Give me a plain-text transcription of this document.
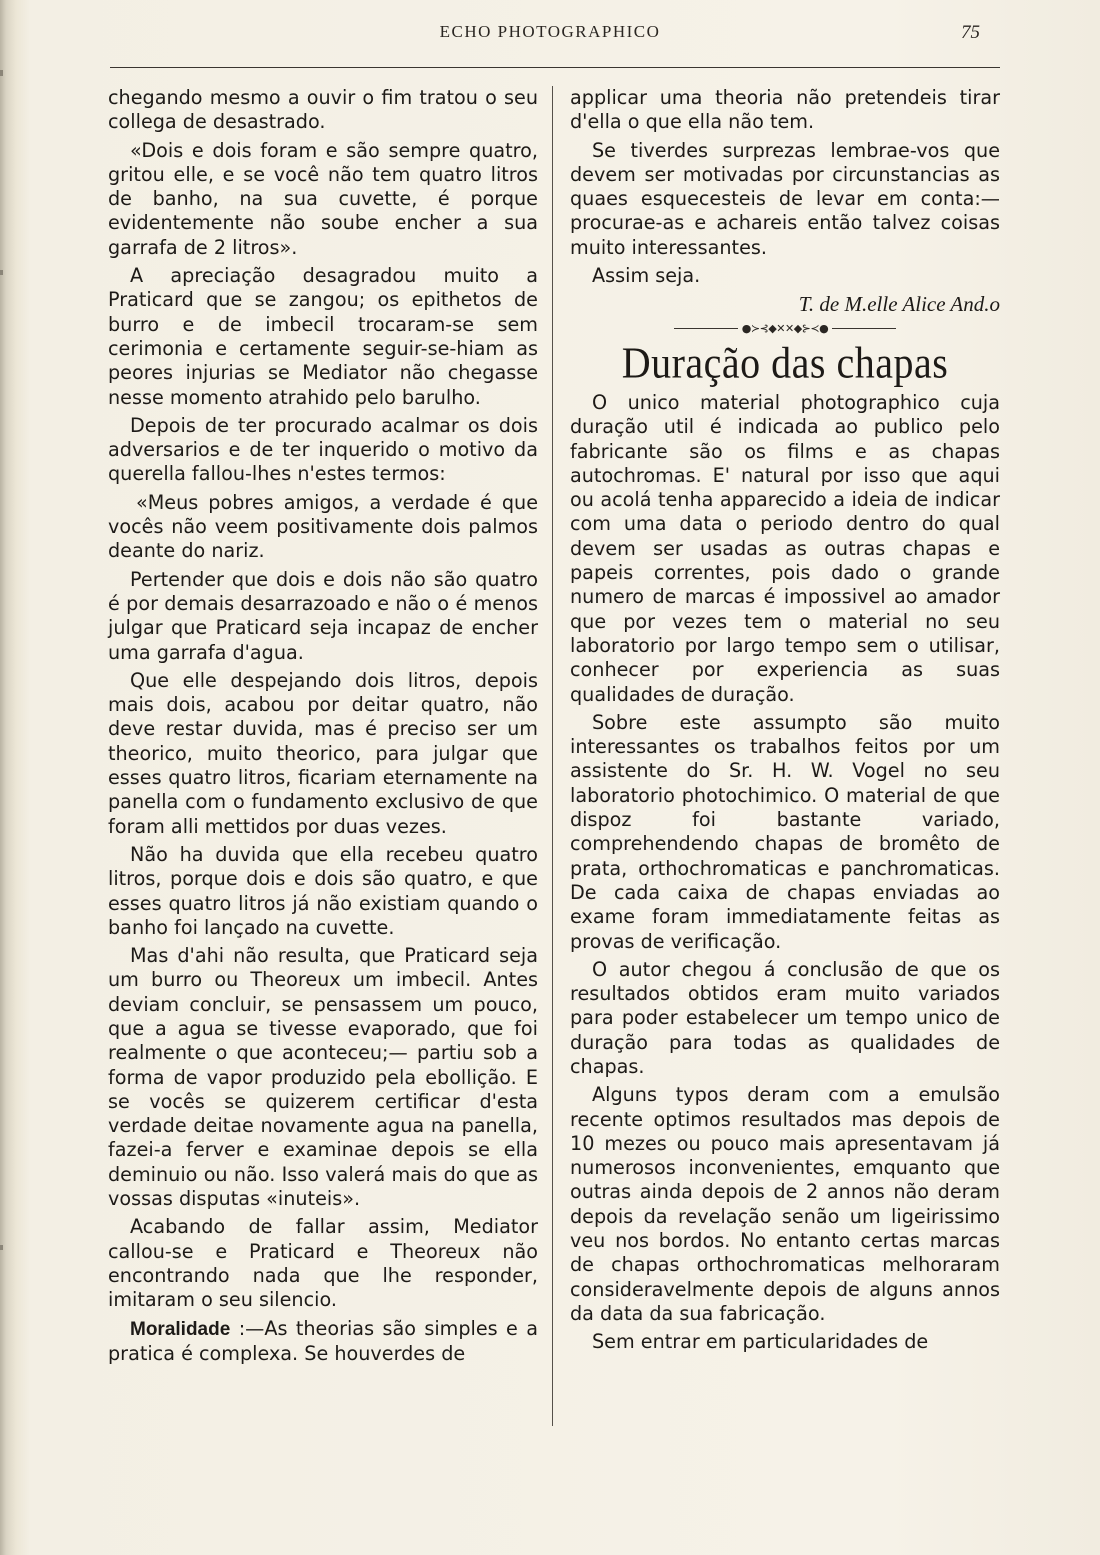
ECHO PHOTOGRAPHICO	75

chegando mesmo a ouvir o fim tratou o seu collega de desastrado.

«Dois e dois foram e são sempre quatro, gritou elle, e se você não tem quatro litros de banho, na sua cuvette, é porque evidentemente não soube encher a sua garrafa de 2 litros».

A apreciação desagradou muito a Praticard que se zangou; os epithetos de burro e de imbecil trocaram-se sem cerimonia e certamente seguir-se-hiam as peores injurias se Mediator não chegasse nesse momento atrahido pelo barulho.

Depois de ter procurado acalmar os dois adversarios e de ter inquerido o motivo da querella fallou-lhes n'estes termos:

«Meus pobres amigos, a verdade é que vocês não veem positivamente dois palmos deante do nariz.

Pertender que dois e dois não são quatro é por demais desarrazoado e não o é menos julgar que Praticard seja incapaz de encher uma garrafa d'agua.

Que elle despejando dois litros, depois mais dois, acabou por deitar quatro, não deve restar duvida, mas é preciso ser um theorico, muito theorico, para julgar que esses quatro litros, ficariam eternamente na panella com o fundamento exclusivo de que foram alli mettidos por duas vezes.

Não ha duvida que ella recebeu quatro litros, porque dois e dois são quatro, e que esses quatro litros já não existiam quando o banho foi lançado na cuvette.

Mas d'ahi não resulta, que Praticard seja um burro ou Theoreux um imbecil. Antes deviam concluir, se pensassem um pouco, que a agua se tivesse evaporado, que foi realmente o que aconteceu;— partiu sob a forma de vapor produzido pela ebollição. E se vocês se quizerem certificar d'esta verdade deitae novamente agua na panella, fazei-a ferver e examinae depois se ella deminuio ou não. Isso valerá mais do que as vossas disputas «inuteis».

Acabando de fallar assim, Mediator callou-se e Praticard e Theoreux não encontrando nada que lhe responder, imitaram o seu silencio.

Moralidade :—As theorias são simples e a pratica é complexa. Se houverdes de

applicar uma theoria não pretendeis tirar d'ella o que ella não tem.

Se tiverdes surprezas lembrae-vos que devem ser motivadas por circunstancias as quaes esquecesteis de levar em conta:—procurae-as e achareis então talvez coisas muito interessantes.

Assim seja.

T. de M.elle Alice And.o

●≻⊰◆✕✕◆⊱≺●
Duração das chapas

O unico material photographico cuja duração util é indicada ao publico pelo fabricante são os films e as chapas autochromas. E' natural por isso que aqui ou acolá tenha apparecido a ideia de indicar com uma data o periodo dentro do qual devem ser usadas as outras chapas e papeis correntes, pois dado o grande numero de marcas é impossivel ao amador que por vezes tem o material no seu laboratorio por largo tempo sem o utilisar, conhecer por experiencia as suas qualidades de duração.

Sobre este assumpto são muito interessantes os trabalhos feitos por um assistente do Sr. H. W. Vogel no seu laboratorio photochimico. O material de que dispoz foi bastante variado, comprehendendo chapas de bromêto de prata, orthochromaticas e panchromaticas. De cada caixa de chapas enviadas ao exame foram immediatamente feitas as provas de verificação.

O autor chegou á conclusão de que os resultados obtidos eram muito variados para poder estabelecer um tempo unico de duração para todas as qualidades de chapas.

Alguns typos deram com a emulsão recente optimos resultados mas depois de 10 mezes ou pouco mais apresentavam já numerosos inconvenientes, emquanto que outras ainda depois de 2 annos não deram depois da revelação senão um ligeirissimo veu nos bordos. No entanto certas marcas de chapas orthochromaticas melhoraram consideravelmente depois de alguns annos da data da sua fabricação.

Sem entrar em particularidades de
